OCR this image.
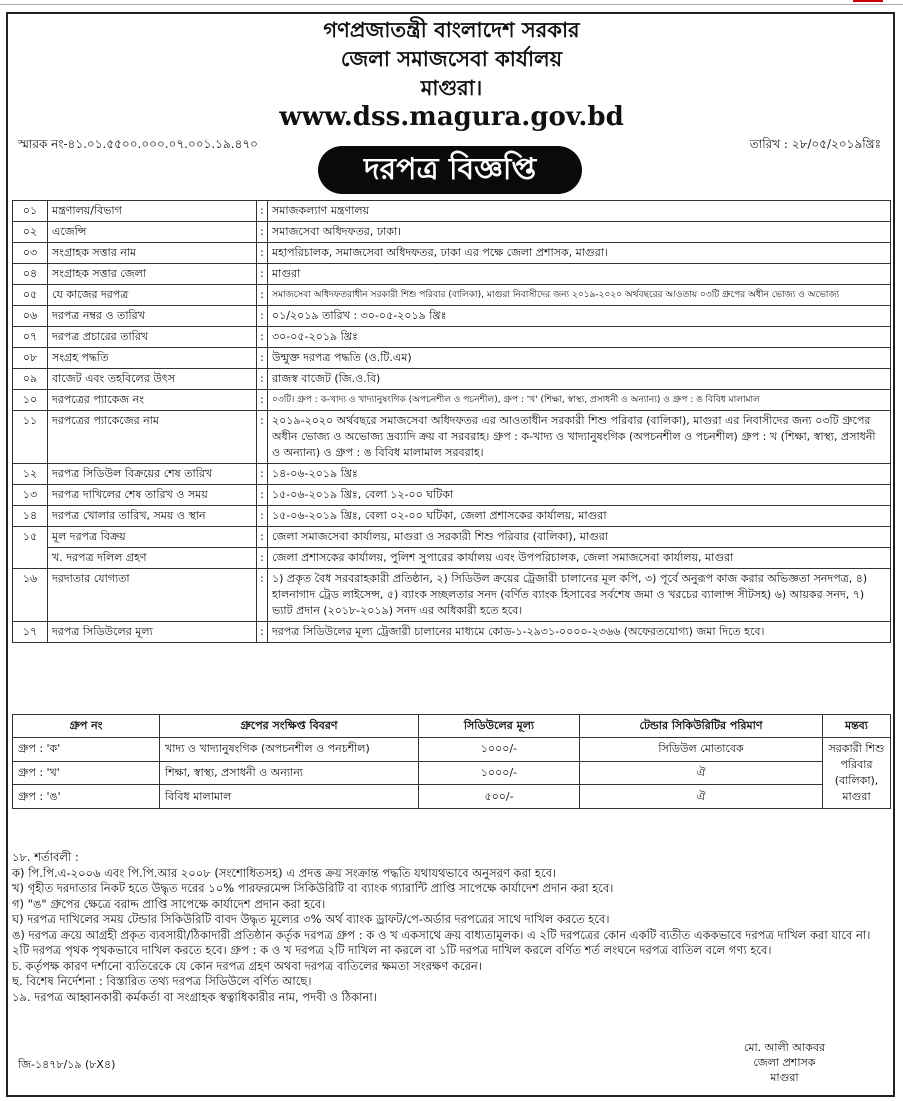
গণপ্রজাতন্ত্রী বাংলাদেশ সরকার
জেলা সমাজসেবা কার্যালয়
মাগুরা।
www.dss.magura.gov.bd
স্মারক নং-৪১.০১.৫৫০০.০০০.০৭.০০১.১৯.৪৭০	তারিখ : ২৮/০৫/২০১৯খ্রিঃ
দরপত্র বিজ্ঞপ্তি
০১	মন্ত্রণালয়/বিভাগ	:	সমাজকল্যাণ মন্ত্রণালয়
০২	এজেন্সি	:	সমাজসেবা অধিদফতর, ঢাকা।
০৩	সংগ্রাহক সত্তার নাম	:	মহাপরিচালক, সমাজসেবা অধিদফতর, ঢাকা এর পক্ষে জেলা প্রশাসক, মাগুরা।
০৪	সংগ্রাহক সত্তার জেলা	:	মাগুরা
০৫	যে কাজের দরপত্র	:	সমাজসেবা অধিদফতরাধীন সরকারী শিশু পরিবার (বালিকা), মাগুরা নিবাসীদের জন্য ২০১৯-২০২০ অর্থবছরের আওতায় ০৩টি গ্রুপের অধীন ভোজ্য ও অভোজ্য
০৬	দরপত্র নম্বর ও তারিখ	:	০১/২০১৯ তারিখ : ৩০-০৫-২০১৯ খ্রিঃ
০৭	দরপত্র প্রচারের তারিখ	:	৩০-০৫-২০১৯ খ্রিঃ
০৮	সংগ্রহ পদ্ধতি	:	উন্মুক্ত দরপত্র পদ্ধতি (ও.টি.এম)
০৯	বাজেট এবং তহবিলের উৎস	:	রাজস্ব বাজেট (জি.ও.বি)
১০	দরপত্রের প্যাকেজ নং	:	০৩টি। গ্রুপ : ক-খাদ্য ও খাদ্যানুষংগিক (অপচনশীল ও পচনশীল), গ্রুপ : 'খ' (শিক্ষা, স্বাস্থ্য, প্রসাধনী ও অন্যান্য) ও গ্রুপ : ঙ বিবিধ মালামাল
১১	দরপত্রের প্যাকেজের নাম	:	২০১৯-২০২০ অর্থবছরে সমাজসেবা অধিদফতর এর আওতাধীন সরকারী শিশু পরিবার (বালিকা), মাগুরা এর নিবাসীদের জন্য ০৩টি গ্রুপের অধীন ভোজ্য ও অভোজ্য দ্রব্যাদি ক্রয় বা সরবরাহ। গ্রুপ : ক-খাদ্য ও খাদ্যানুষংগিক (অপচনশীল ও পচনশীল) গ্রুপ : খ (শিক্ষা, স্বাস্থ্য, প্রসাধনী ও অন্যান্য) ও গ্রুপ : ঙ বিবিধ মালামাল সরবরাহ।
১২	দরপত্র সিডিউল বিক্রয়ের শেষ তারিখ	:	১৪-০৬-২০১৯ খ্রিঃ
১৩	দরপত্র দাখিলের শেষ তারিখ ও সময়	:	১৫-০৬-২০১৯ খ্রিঃ, বেলা ১২-০০ ঘটিকা
১৪	দরপত্র খোলার তারিখ, সময় ও স্থান	:	১৫-০৬-২০১৯ খ্রিঃ, বেলা ০২-০০ ঘটিকা, জেলা প্রশাসকের কার্যালয়, মাগুরা
১৫	মূল দরপত্র বিক্রয়	:	জেলা সমাজসেবা কার্যালয়, মাগুরা ও সরকারী শিশু পরিবার (বালিকা), মাগুরা
	খ. দরপত্র দলিল গ্রহণ	:	জেলা প্রশাসকের কার্যালয়, পুলিশ সুপারের কার্যালয় এবং উপপরিচালক, জেলা সমাজসেবা কার্যালয়, মাগুরা
১৬	দরদাতার যোগ্যতা	:	১) প্রকৃত বৈধ সরবরাহকারী প্রতিষ্ঠান, ২) সিডিউল ক্রয়ের ট্রেজারী চালানের মূল কপি, ৩) পূর্বে অনুরূপ কাজ করার অভিজ্ঞতা সনদপত্র, ৪) হালনাগাদ ট্রেড লাইসেন্স, ৫) ব্যাংক সচ্ছলতার সনদ (বর্ণিত ব্যাংক হিসাবের সর্বশেষ জমা ও খরচের ব্যালান্স সীটসহ) ৬) আয়কর সনদ, ৭) ভ্যাট প্রদান (২০১৮-২০১৯) সনদ এর অধিকারী হতে হবে।
১৭	দরপত্র সিডিউলের মূল্য	:	দরপত্র সিডিউলের মূল্য ট্রেজারী চালানের মাধ্যমে কোড-১-২৯৩১-০০০০-২৩৬৬ (অফেরতযোগ্য) জমা দিতে হবে।
গ্রুপ নং	গ্রুপের সংক্ষিপ্ত বিবরণ	সিডিউলের মূল্য	টেন্ডার সিকিউরিটির পরিমাণ	মন্তব্য
গ্রুপ : 'ক'	খাদ্য ও খাদ্যানুষংগিক (অপচনশীল ও পনচশীল)	১০০০/-	সিডিউল মোতাবেক	সরকারী শিশু পরিবার (বালিকা), মাগুরা
গ্রুপ : 'খ'	শিক্ষা, স্বাস্থ্য, প্রসাধনী ও অন্যান্য	১০০০/-	ঐ	
গ্রুপ : 'ঙ'	বিবিধ মালামাল	৫০০/-	ঐ	
১৮. শর্তাবলী :
ক) পি.পি.এ-২০০৬ এবং পি.পি.আর ২০০৮ (সংশোধিতসহ) এ প্রদত্ত ক্রয় সংক্রান্ত পদ্ধতি যথাযথভাবে অনুসরণ করা হবে।
খ) গৃহীত দরদাতার নিকট হতে উদ্ধৃত দরের ১০% পারফরমেন্স সিকিউরিটি বা ব্যাংক গ্যারান্টি প্রাপ্তি সাপেক্ষে কার্যাদেশ প্রদান করা হবে।
গ) "ঙ" গ্রুপের ক্ষেত্রে বরাদ্দ প্রাপ্তি সাপেক্ষে কার্যাদেশ প্রদান করা হবে।
ঘ) দরপত্র দাখিলের সময় টেন্ডার সিকিউরিটি বাবদ উদ্ধৃত মূল্যের ৩% অর্থ ব্যাংক ড্রাফট/পে-অর্ডার দরপত্রের সাথে দাখিল করতে হবে।
ঙ) দরপত্র ক্রয়ে আগ্রহী প্রকৃত ব্যবসায়ী/ঠিকাদারী প্রতিষ্ঠান কর্তৃক দরপত্র গ্রুপ : ক ও খ একসাথে ক্রয় বাধ্যতামূলক। এ ২টি দরপত্রের কোন একটি ব্যতীত এককভাবে দরপত্র দাখিল করা যাবে না। ২টি দরপত্র পৃথক পৃথকভাবে দাখিল করতে হবে। গ্রুপ : ক ও খ দরপত্র ২টি দাখিল না করলে বা ১টি দরপত্র দাখিল করলে বর্ণিত শর্ত লংঘনে দরপত্র বাতিল বলে গণ্য হবে।
চ. কর্তৃপক্ষ কারণ দর্শানো ব্যতিরেকে যে কোন দরপত্র গ্রহণ অথবা দরপত্র বাতিলের ক্ষমতা সংরক্ষণ করেন।
ছ. বিশেষ নির্দেশনা : বিস্তারিত তথ্য দরপত্র সিডিউলে বর্ণিত আছে।
১৯. দরপত্র আহ্বানকারী কর্মকর্তা বা সংগ্রাহক স্বত্বাধিকারীর নাম, পদবী ও ঠিকানা।
জি-১৪৭৮/১৯ (৮X৪)
মো. আলী আকবর
জেলা প্রশাসক
মাগুরা
